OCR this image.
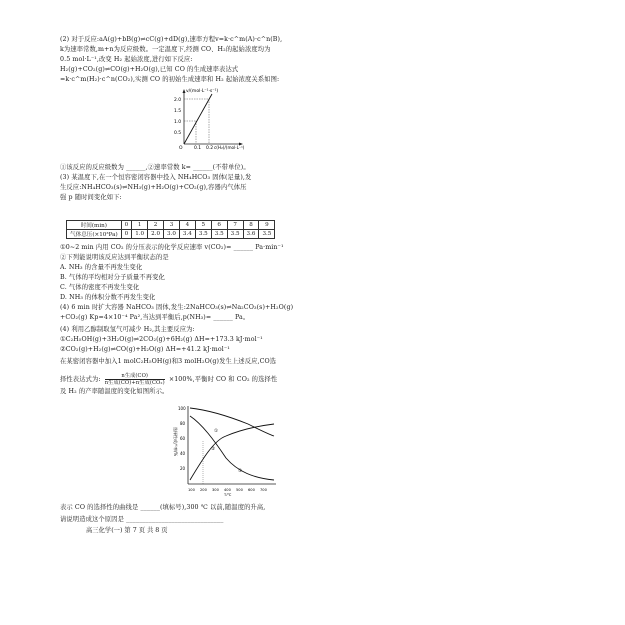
(2) 对于反应:aA(g)+bB(g)⇌cC(g)+dD(g),速率方程v=k·c^m(A)·c^n(B),
k为速率常数,m+n为反应级数。一定温度下,经测 CO、H₂的起始浓度均为
0.5 mol·L⁻¹,改变 H₂ 起始浓度,进行如下反应:
H₂(g)+CO₂(g)⇌CO(g)+H₂O(g),已知 CO 的生成速率表达式
=k·c^m(H₂)·c^n(CO₂),实测 CO 的初始生成速率和 H₂ 起始浓度关系如图:
v/(mol·L⁻¹·s⁻¹)
2.0
1.5
1.0
0.5
O	0.1 0.2 c(H₂)/(mol·L⁻¹)
①该反应的反应级数为 ______,②速率常数 k= ______(不带单位)。
(3) 某温度下,在一个恒容密闭容器中投入 NH₄HCO₃ 固体(足量),发
生反应:NH₄HCO₃(s)⇌NH₃(g)+H₂O(g)+CO₂(g),容器内气体压
强 p 随时间变化如下:
时间(min)	0	1	2	3	4	5	6	7	8	9
气体总压(×10³Pa)	0	1.0	2.0	3.0	3.4	3.5	3.5	3.5	3.6	3.5
①0~2 min 内用 CO₂ 的分压表示的化学反应速率 v(CO₂)= ______ Pa·min⁻¹
②下列能说明该反应达到平衡状态的是
A. NH₃ 的含量不再发生变化
B. 气体的平均相对分子质量不再变化
C. 气体的密度不再发生变化
D. NH₃ 的体积分数不再发生变化
(4) 6 min 时扩大容器 NaHCO₃ 固体,发生:2NaHCO₃(s)⇌Na₂CO₃(s)+H₂O(g)
+CO₂(g) Kp=4×10⁻⁴ Pa²,当达到平衡后,p(NH₃)= ______ Pa。
(4) 利用乙醇制取氢气可减少 H₂,其主要反应为:
①C₂H₅OH(g)+3H₂O(g)⇌2CO₂(g)+6H₂(g) ΔH=+173.3 kJ·mol⁻¹
②CO₂(g)+H₂(g)⇌CO(g)+H₂O(g) ΔH=+41.2 kJ·mol⁻¹
在某密闭容器中加入1 molC₂H₅OH(g)和3 molH₂O(g)发生上述反应,CO选
择性表达式为:	n生成(CO)
n生成(CO)+n生成(CO₂) ×100%,平衡时 CO 和 CO₂ 的选择性
及 H₂ 的产率随温度的变化如图所示。
选择性或产率/%
100
80
60
40
20
①
②
③
100 200 300 400 500 600 700
T/℃
表示 CO 的选择性的曲线是 ______(填标号),300 ℃ 以前,随温度的升高,
请说明造成这个原因是 ______________________________
高三化学(一) 第 7 页 共 8 页
